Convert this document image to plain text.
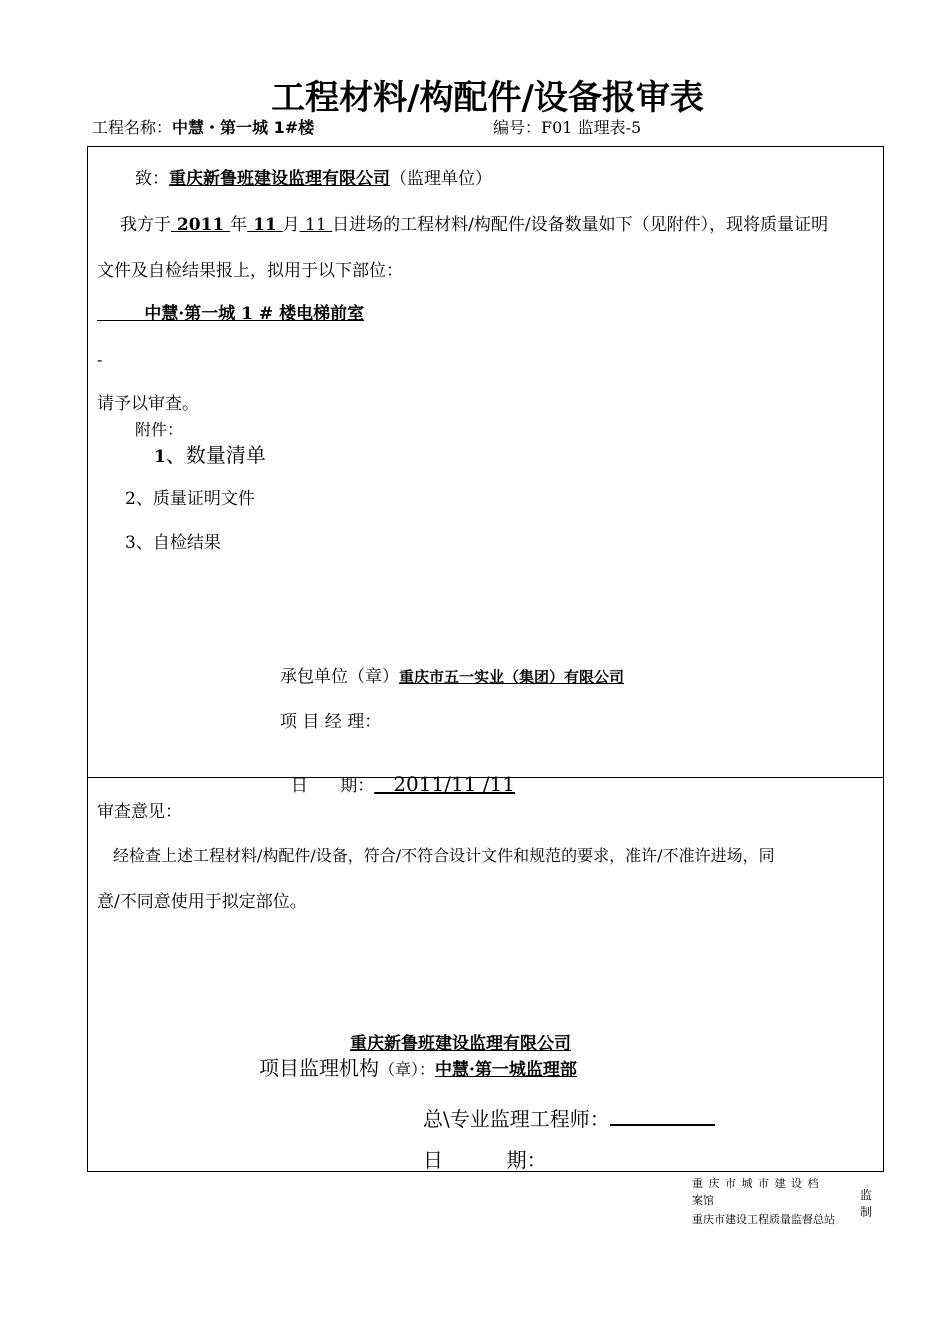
工程材料/构配件/设备报审表
工程名称：中慧・第一城 1#楼	编号：F01 监理表-5
致：重庆新鲁班建设监理有限公司（监理单位）
我方于 2011 年 11 月 11 日进场的工程材料/构配件/设备数量如下（见附件），现将质量证明
文件及自检结果报上，拟用于以下部位：
中慧·第一城 1 # 楼电梯前室
-
请予以审查。
附件：
1、数量清单
2、质量证明文件
3、自检结果
承包单位（章）重庆市五一实业（集团）有限公司
项 目 经 理：

日      期：   2011/11 /11

审查意见：
经检查上述工程材料/构配件/设备，符合/不符合设计文件和规范的要求，准许/不准许进场，同
意/不同意使用于拟定部位。
重庆新鲁班建设监理有限公司
项目监理机构（章）：中慧·第一城监理部
总\专业监理工程师：
日          期：
重 庆 市 城 市 建 设 档
案馆
重庆市建设工程质量监督总站
监
制
